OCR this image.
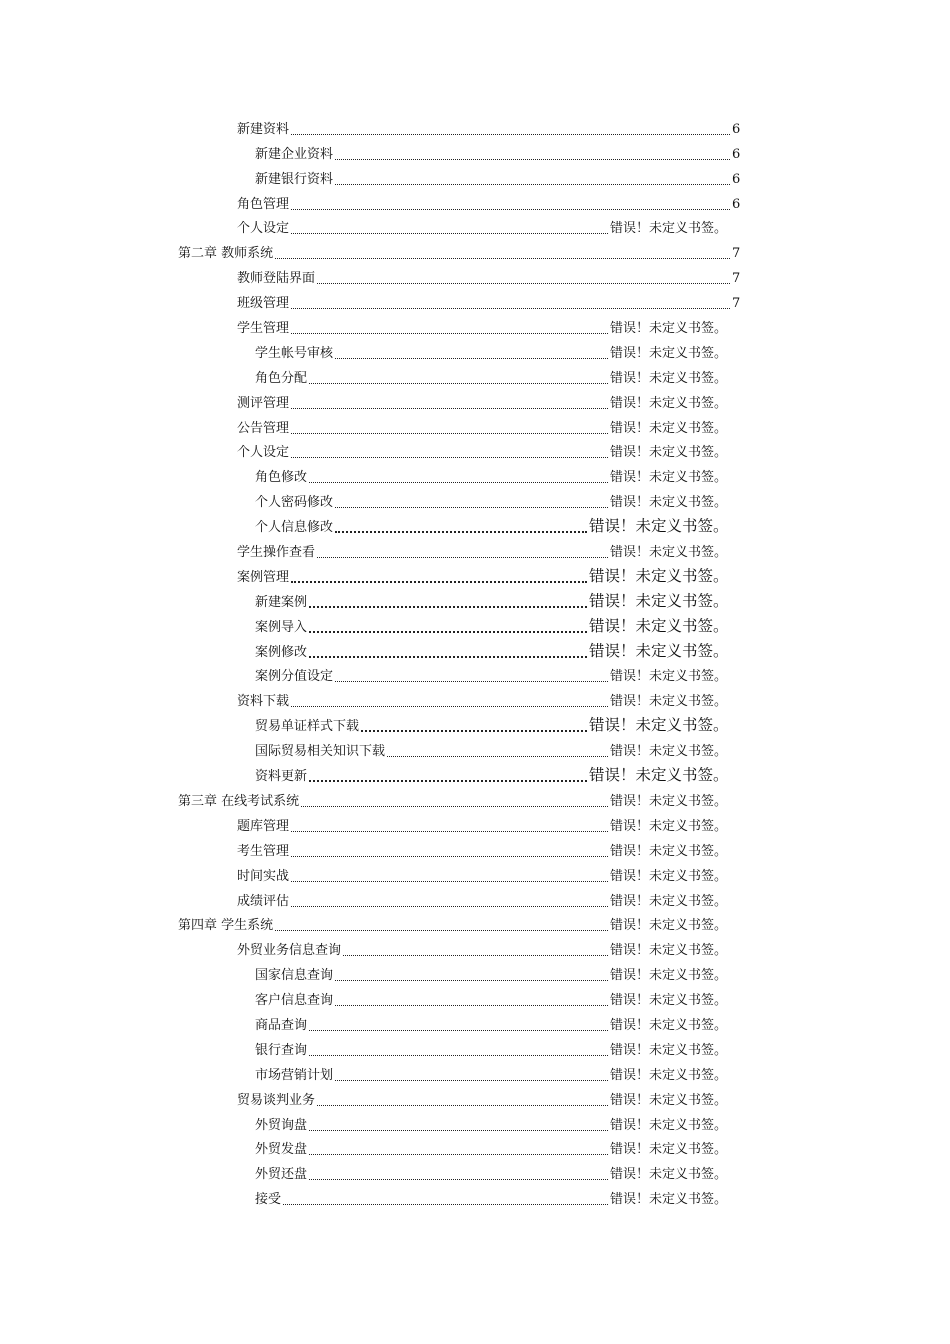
新建资料	6
新建企业资料	6
新建银行资料	6
角色管理	6
个人设定	错误！未定义书签。
第二章 教师系统	7
教师登陆界面	7
班级管理	7
学生管理	错误！未定义书签。
学生帐号审核	错误！未定义书签。
角色分配	错误！未定义书签。
测评管理	错误！未定义书签。
公告管理	错误！未定义书签。
个人设定	错误！未定义书签。
角色修改	错误！未定义书签。
个人密码修改	错误！未定义书签。
个人信息修改	错误！未定义书签。
学生操作查看	错误！未定义书签。
案例管理	错误！未定义书签。
新建案例	错误！未定义书签。
案例导入	错误！未定义书签。
案例修改	错误！未定义书签。
案例分值设定	错误！未定义书签。
资料下载	错误！未定义书签。
贸易单证样式下载	错误！未定义书签。
国际贸易相关知识下载	错误！未定义书签。
资料更新	错误！未定义书签。
第三章 在线考试系统	错误！未定义书签。
题库管理	错误！未定义书签。
考生管理	错误！未定义书签。
时间实战	错误！未定义书签。
成绩评估	错误！未定义书签。
第四章 学生系统	错误！未定义书签。
外贸业务信息查询	错误！未定义书签。
国家信息查询	错误！未定义书签。
客户信息查询	错误！未定义书签。
商品查询	错误！未定义书签。
银行查询	错误！未定义书签。
市场营销计划	错误！未定义书签。
贸易谈判业务	错误！未定义书签。
外贸询盘	错误！未定义书签。
外贸发盘	错误！未定义书签。
外贸还盘	错误！未定义书签。
接受	错误！未定义书签。
